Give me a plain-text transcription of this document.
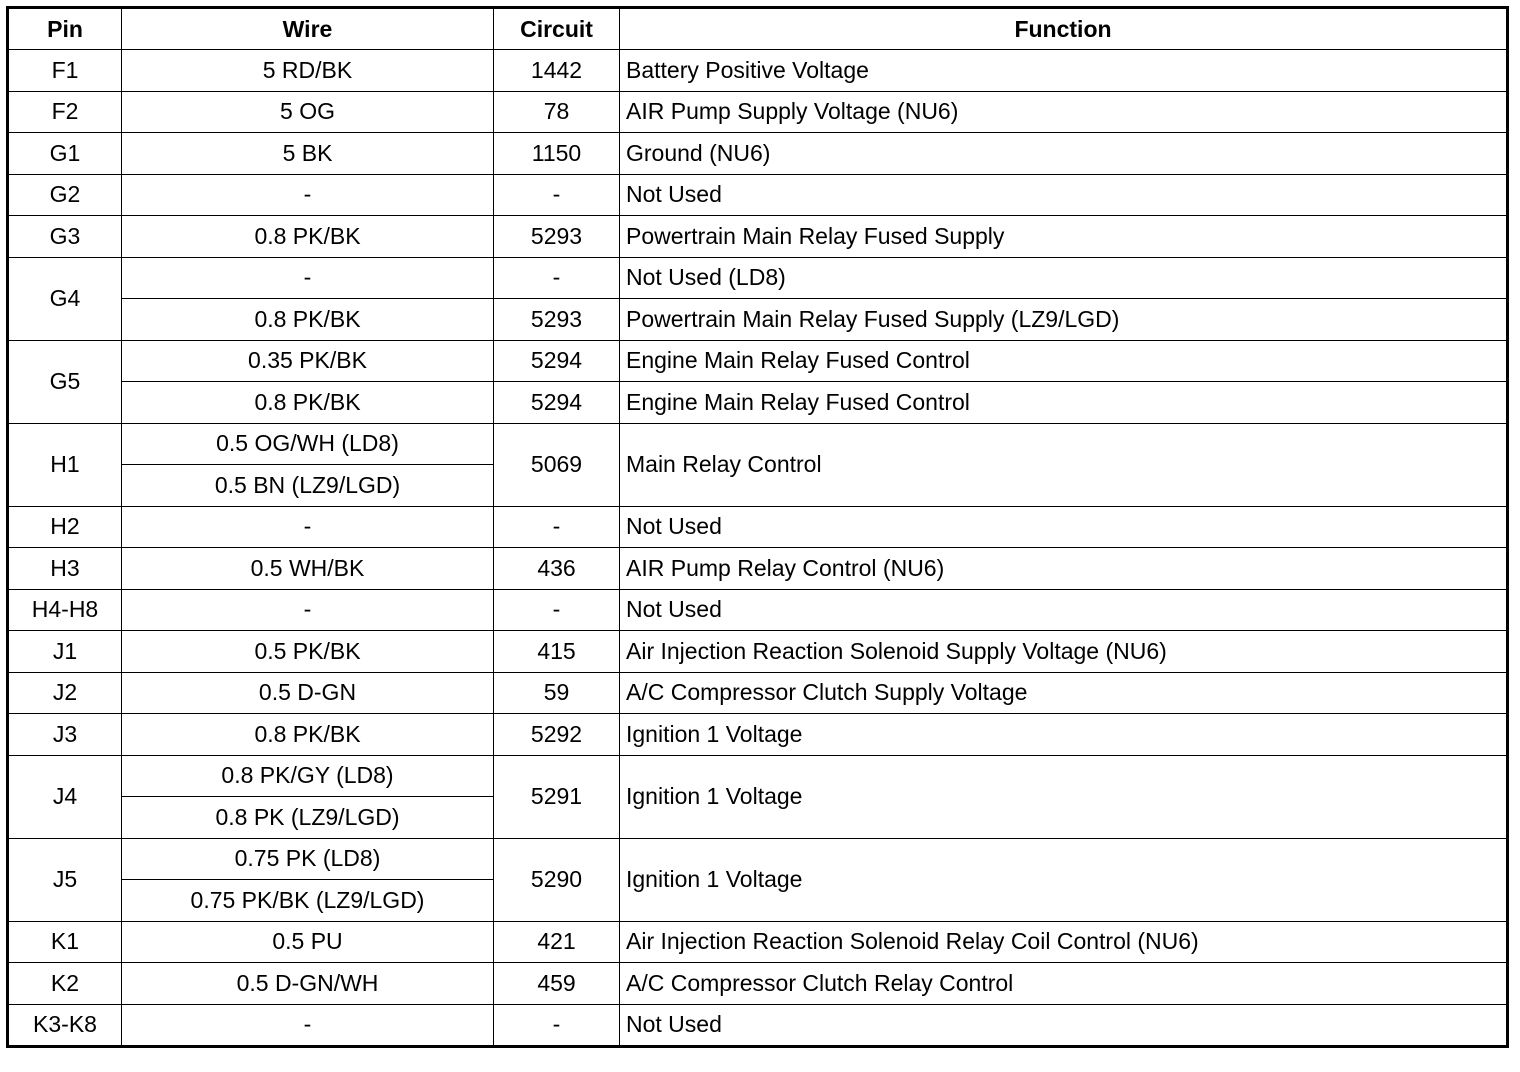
Pin	Wire	Circuit	Function
F1	5 RD/BK	1442	Battery Positive Voltage
F2	5 OG	78	AIR Pump Supply Voltage (NU6)
G1	5 BK	1150	Ground (NU6)
G2	-	-	Not Used
G3	0.8 PK/BK	5293	Powertrain Main Relay Fused Supply
G4	-	-	Not Used (LD8)
	0.8 PK/BK	5293	Powertrain Main Relay Fused Supply (LZ9/LGD)
G5	0.35 PK/BK	5294	Engine Main Relay Fused Control
	0.8 PK/BK	5294	Engine Main Relay Fused Control
H1	0.5 OG/WH (LD8)	5069	Main Relay Control
	0.5 BN (LZ9/LGD)		
H2	-	-	Not Used
H3	0.5 WH/BK	436	AIR Pump Relay Control (NU6)
H4-H8	-	-	Not Used
J1	0.5 PK/BK	415	Air Injection Reaction Solenoid Supply Voltage (NU6)
J2	0.5 D-GN	59	A/C Compressor Clutch Supply Voltage
J3	0.8 PK/BK	5292	Ignition 1 Voltage
J4	0.8 PK/GY (LD8)	5291	Ignition 1 Voltage
	0.8 PK (LZ9/LGD)		
J5	0.75 PK (LD8)	5290	Ignition 1 Voltage
	0.75 PK/BK (LZ9/LGD)		
K1	0.5 PU	421	Air Injection Reaction Solenoid Relay Coil Control (NU6)
K2	0.5 D-GN/WH	459	A/C Compressor Clutch Relay Control
K3-K8	-	-	Not Used
